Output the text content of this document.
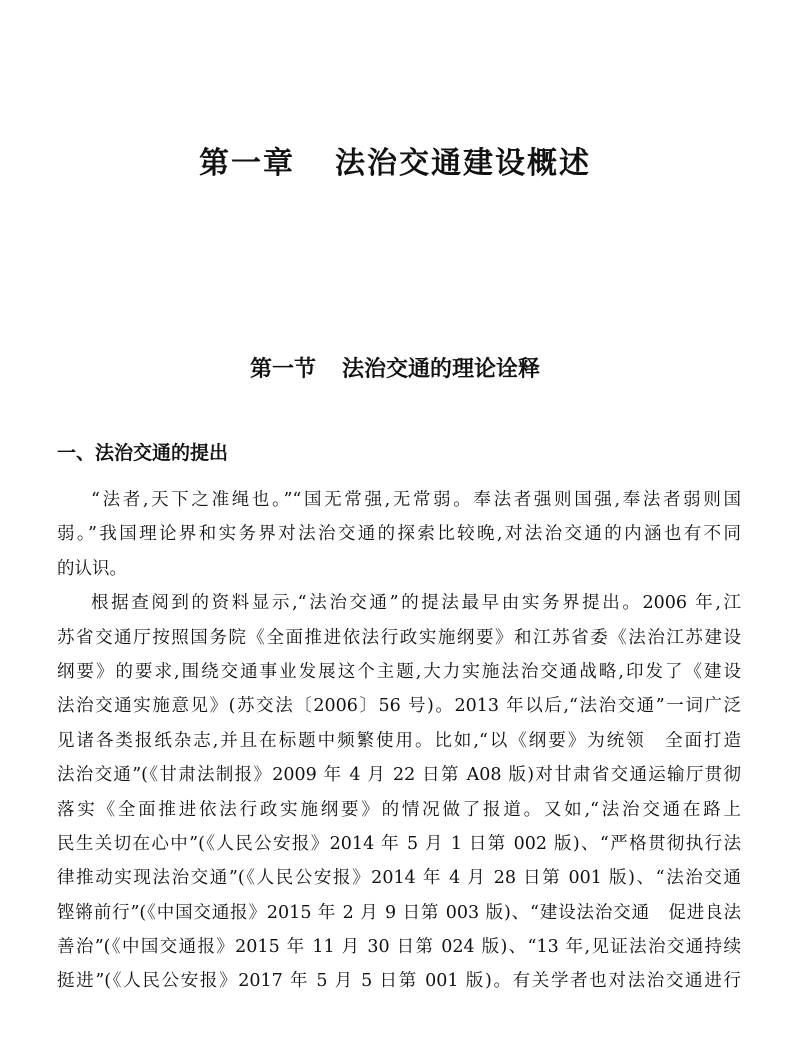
第一章 法治交通建设概述
第一节 法治交通的理论诠释
一、法治交通的提出
“法者,天下之准绳也。”“国无常强,无常弱。奉法者强则国强,奉法者弱则国
弱。”我国理论界和实务界对法治交通的探索比较晚,对法治交通的内涵也有不同
的认识。
根据查阅到的资料显示,“法治交通”的提法最早由实务界提出。2006 年,江
苏省交通厅按照国务院《全面推进依法行政实施纲要》和江苏省委《法治江苏建设
纲要》的要求,围绕交通事业发展这个主题,大力实施法治交通战略,印发了《建设
法治交通实施意见》(苏交法〔2006〕56 号)。2013 年以后,“法治交通”一词广泛
见诸各类报纸杂志,并且在标题中频繁使用。比如,“以《纲要》为统领　全面打造
法治交通”(《甘肃法制报》2009 年 4 月 22 日第 A08 版)对甘肃省交通运输厅贯彻
落实《全面推进依法行政实施纲要》的情况做了报道。又如,“法治交通在路上
民生关切在心中”(《人民公安报》2014 年 5 月 1 日第 002 版)、“严格贯彻执行法
律推动实现法治交通”(《人民公安报》2014 年 4 月 28 日第 001 版)、“法治交通
铿锵前行”(《中国交通报》2015 年 2 月 9 日第 003 版)、“建设法治交通　促进良法
善治”(《中国交通报》2015 年 11 月 30 日第 024 版)、“13 年,见证法治交通持续
挺进”(《人民公安报》2017 年 5 月 5 日第 001 版)。有关学者也对法治交通进行
